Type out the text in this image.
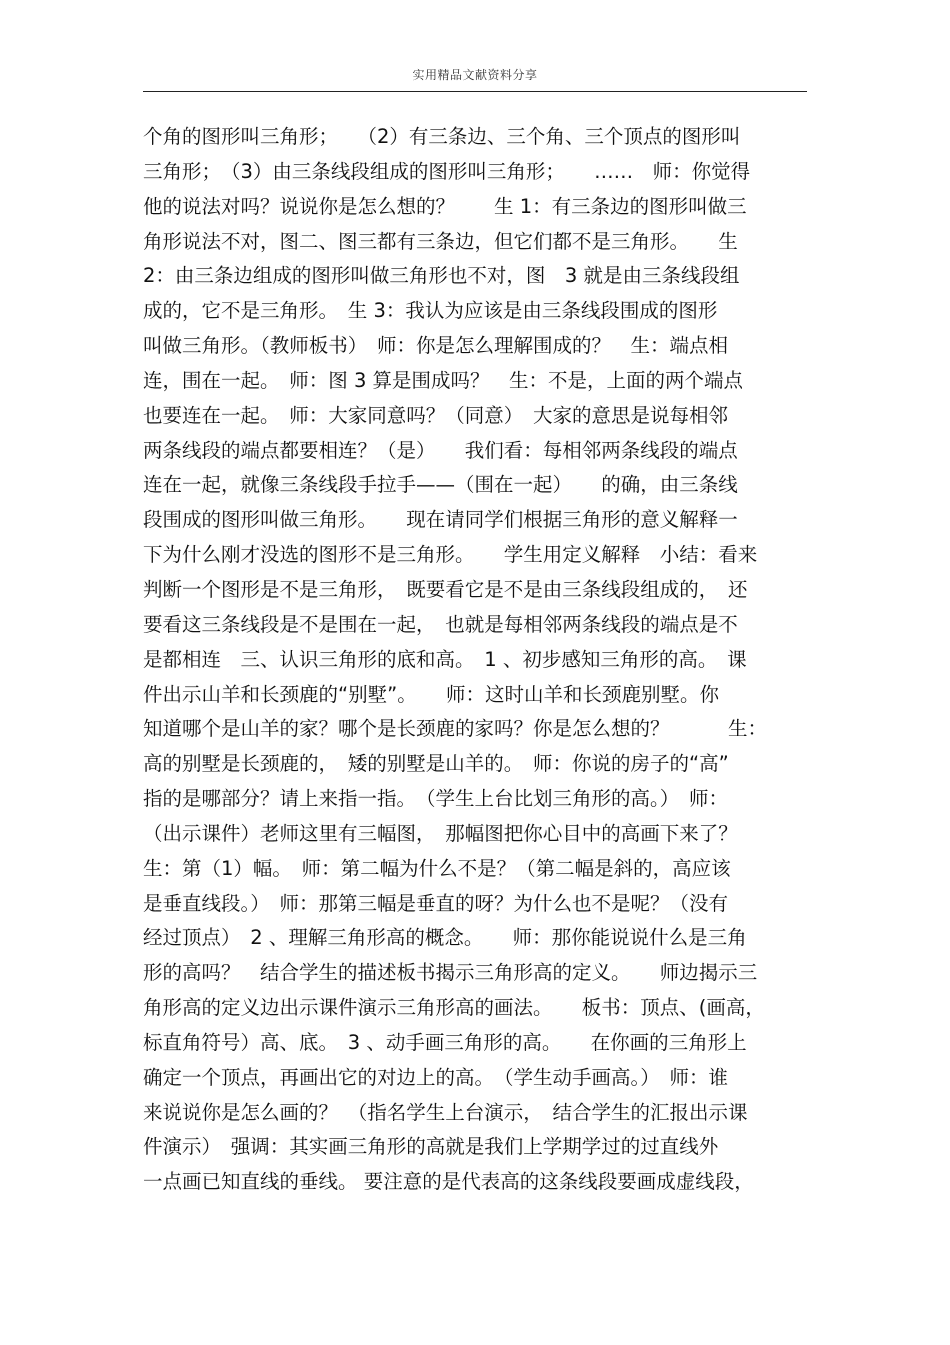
实用精品文献资料分享
个角的图形叫三角形；　　（2）有三条边、三个角、三个顶点的图形叫
三角形；　（3）由三条线段组成的图形叫三角形；　　……　师：你觉得
他的说法对吗？说说你是怎么想的？　　生 1：有三条边的图形叫做三
角形说法不对，图二、图三都有三条边，但它们都不是三角形。　　生
2：由三条边组成的图形叫做三角形也不对，图　3 就是由三条线段组
成的，它不是三角形。　生 3：我认为应该是由三条线段围成的图形
叫做三角形。（教师板书）　师：你是怎么理解围成的？　生：端点相
连，围在一起。　师：图 3 算是围成吗？　生：不是，上面的两个端点
也要连在一起。　师：大家同意吗？（同意）　大家的意思是说每相邻
两条线段的端点都要相连？（是）　　我们看：每相邻两条线段的端点
连在一起，就像三条线段手拉手——（围在一起）　　的确，由三条线
段围成的图形叫做三角形。　　现在请同学们根据三角形的意义解释一
下为什么刚才没选的图形不是三角形。　　学生用定义解释　小结：看来
判断一个图形是不是三角形，　既要看它是不是由三条线段组成的，　还
要看这三条线段是不是围在一起，　也就是每相邻两条线段的端点是不
是都相连　三、认识三角形的底和高。　1 、初步感知三角形的高。　课
件出示山羊和长颈鹿的“别墅”。　　师：这时山羊和长颈鹿别墅。你
知道哪个是山羊的家？哪个是长颈鹿的家吗？你是怎么想的？　　　生：
高的别墅是长颈鹿的，　矮的别墅是山羊的。　师：你说的房子的“高”
指的是哪部分？请上来指一指。　（学生上台比划三角形的高。）　师：
（出示课件）老师这里有三幅图，　那幅图把你心目中的高画下来了？
生：第（1）幅。　师：第二幅为什么不是？（第二幅是斜的，高应该
是垂直线段。）　师：那第三幅是垂直的呀？为什么也不是呢？（没有
经过顶点）　2 、理解三角形高的概念。　　师：那你能说说什么是三角
形的高吗？　结合学生的描述板书揭示三角形高的定义。　　师边揭示三
角形高的定义边出示课件演示三角形高的画法。　　板书：顶点、(画高，
标直角符号）高、底。　3 、动手画三角形的高。　　在你画的三角形上
确定一个顶点，再画出它的对边上的高。　（学生动手画高。）　师：谁
来说说你是怎么画的？　（指名学生上台演示，　结合学生的汇报出示课
件演示）　强调：其实画三角形的高就是我们上学期学过的过直线外
一点画已知直线的垂线。 要注意的是代表高的这条线段要画成虚线段，
